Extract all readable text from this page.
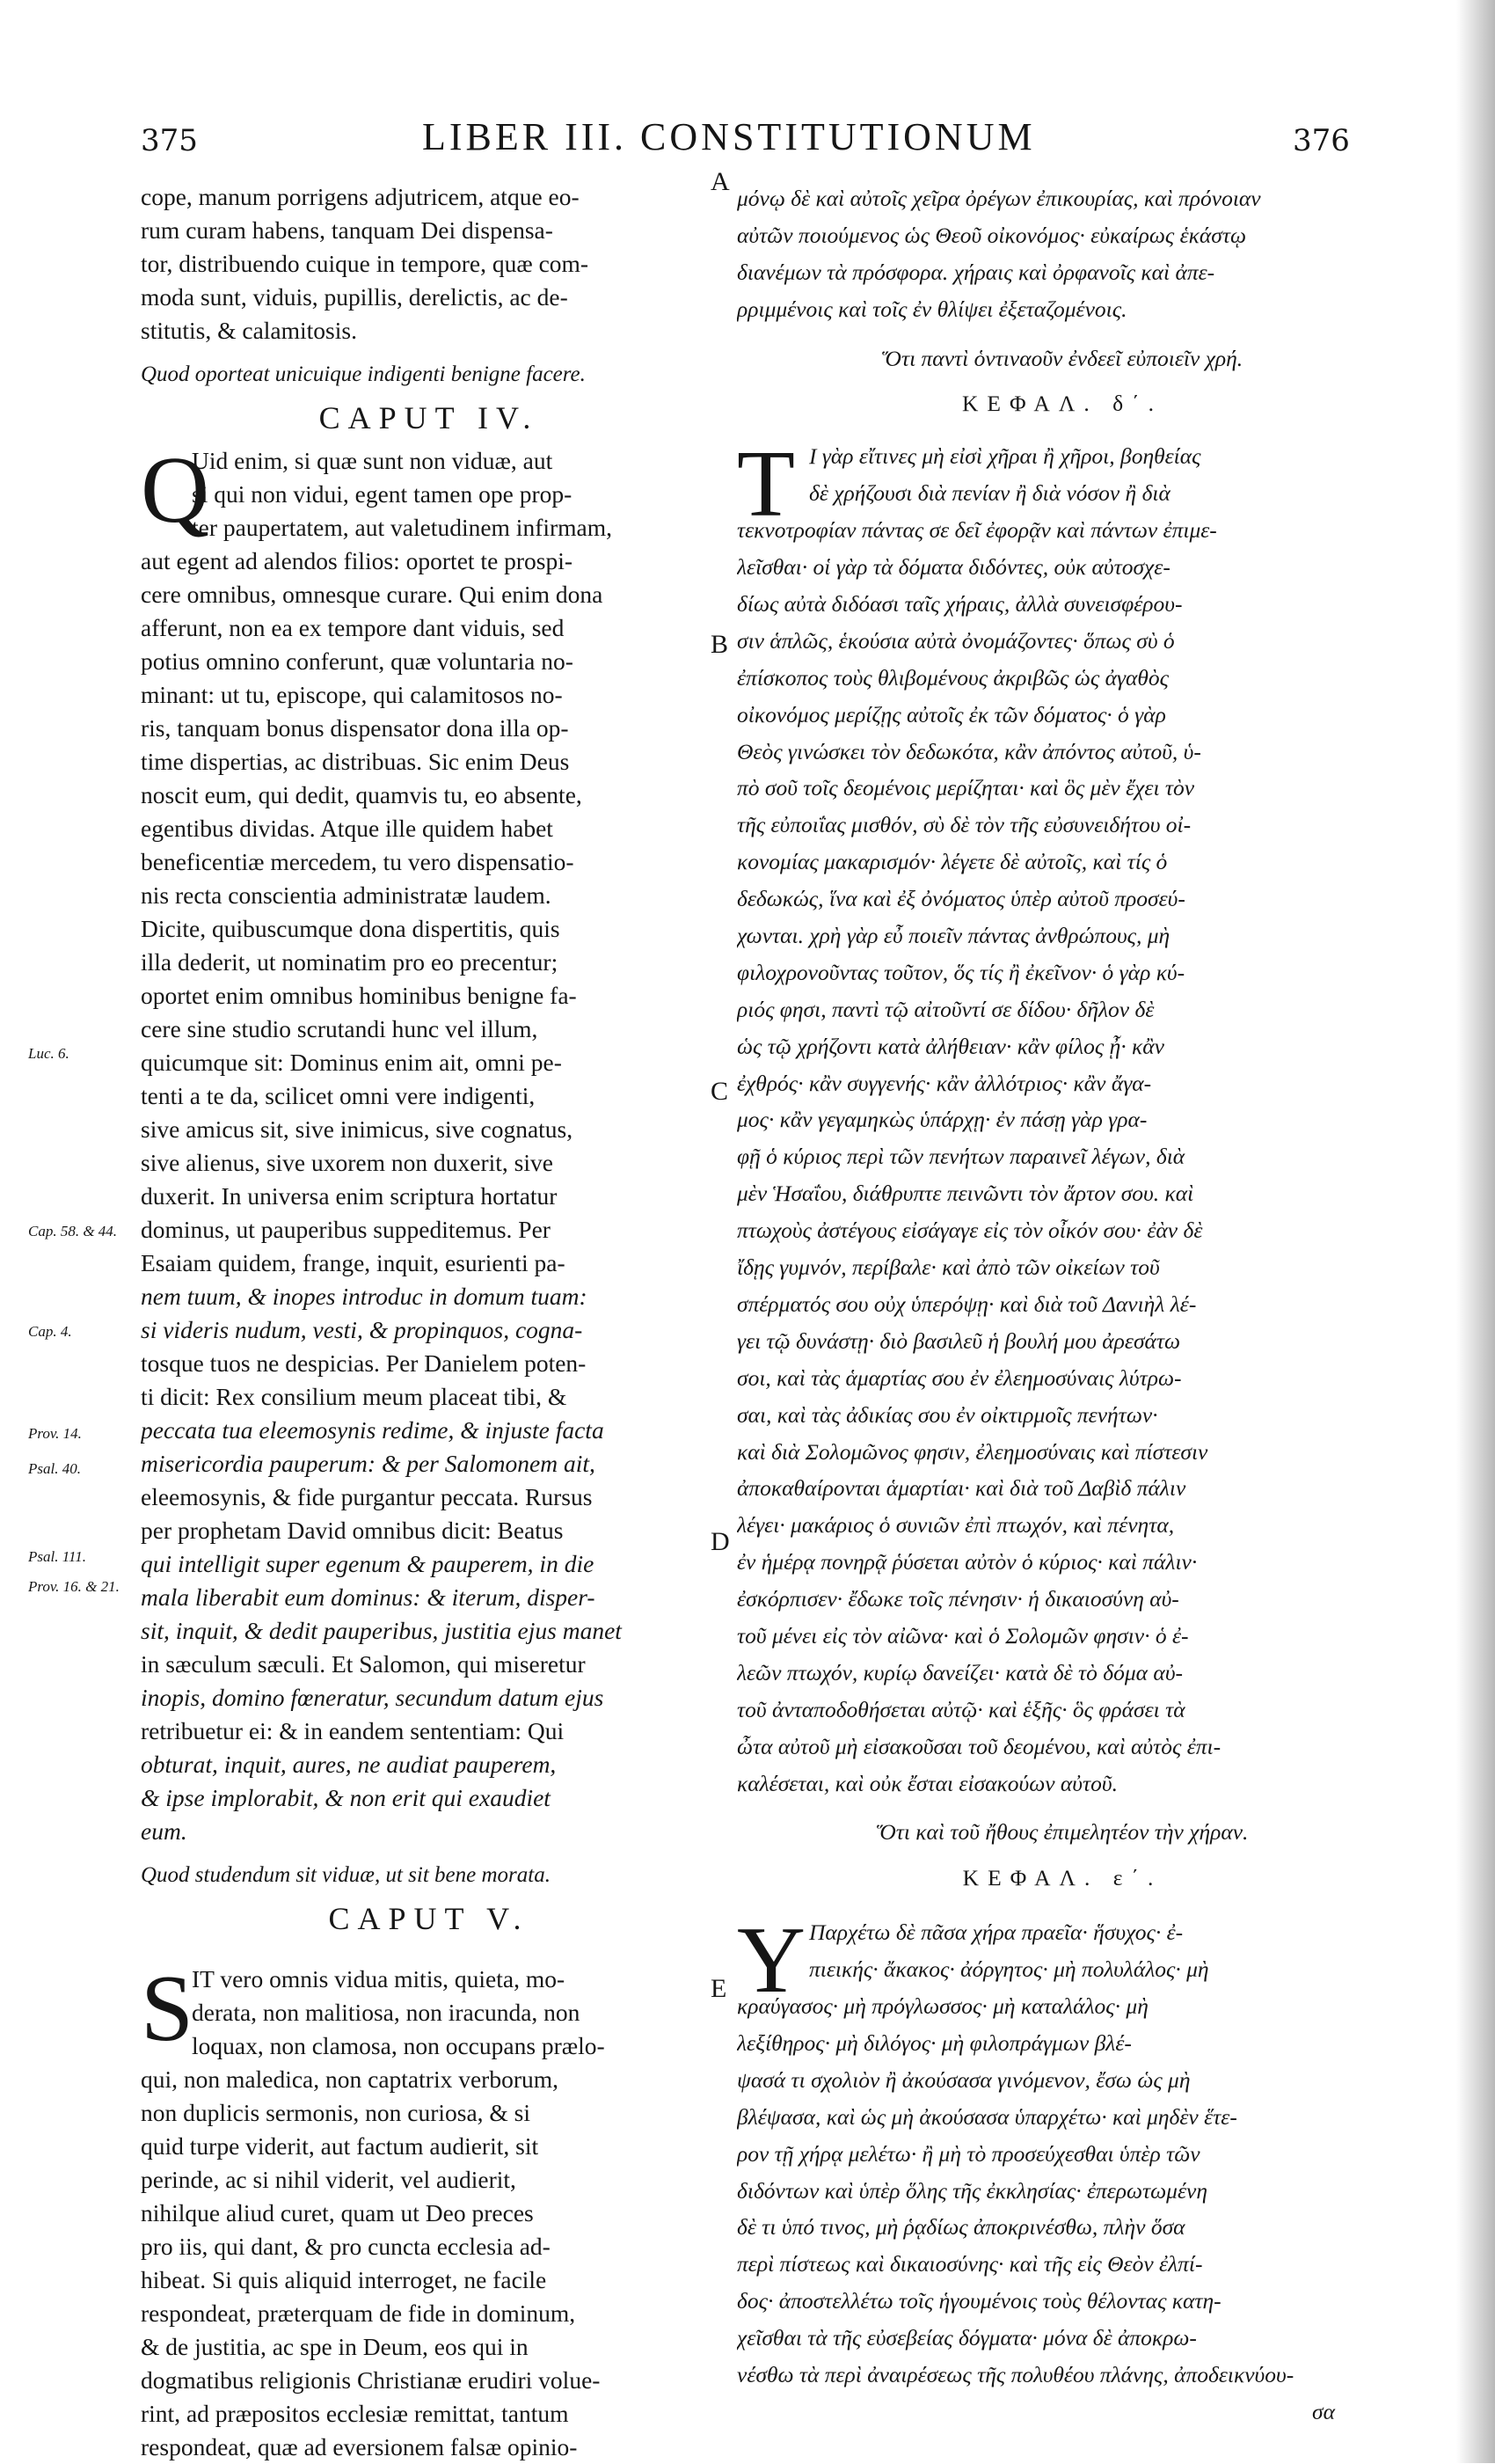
375	LIBER III. CONSTITUTIONUM	376
Luc. 6.
Cap. 58. & 44.
Cap. 4.
Prov. 14.
Psal. 40.
Psal. 111.
Prov. 16. & 21.
A
B
C
D
E
cope, manum porrigens adjutricem, atque eo-
rum curam habens, tanquam Dei dispensa-
tor, distribuendo cuique in tempore, quæ com-
moda sunt, viduis, pupillis, derelictis, ac de-
stitutis, & calamitosis.
Quod oporteat unicuique indigenti benigne facere.
CAPUT IV.
Q
Uid enim, si quæ sunt non viduæ, aut
si qui non vidui, egent tamen ope prop-
ter paupertatem, aut valetudinem infirmam,
aut egent ad alendos filios: oportet te prospi-
cere omnibus, omnesque curare. Qui enim dona
afferunt, non ea ex tempore dant viduis, sed
potius omnino conferunt, quæ voluntaria no-
minant: ut tu, episcope, qui calamitosos no-
ris, tanquam bonus dispensator dona illa op-
time dispertias, ac distribuas. Sic enim Deus
noscit eum, qui dedit, quamvis tu, eo absente,
egentibus dividas. Atque ille quidem habet
beneficentiæ mercedem, tu vero dispensatio-
nis recta conscientia administratæ laudem.
Dicite, quibuscumque dona dispertitis, quis
illa dederit, ut nominatim pro eo precentur;
oportet enim omnibus hominibus benigne fa-
cere sine studio scrutandi hunc vel illum,
quicumque sit: Dominus enim ait, omni pe-
tenti a te da, scilicet omni vere indigenti,
sive amicus sit, sive inimicus, sive cognatus,
sive alienus, sive uxorem non duxerit, sive
duxerit. In universa enim scriptura hortatur
dominus, ut pauperibus suppeditemus. Per
Esaiam quidem, frange, inquit, esurienti pa-
nem tuum, & inopes introduc in domum tuam:
si videris nudum, vesti, & propinquos, cogna-
tosque tuos ne despicias. Per Danielem poten-
ti dicit: Rex consilium meum placeat tibi, &
peccata tua eleemosynis redime, & injuste facta
misericordia pauperum: & per Salomonem ait,
eleemosynis, & fide purgantur peccata. Rursus
per prophetam David omnibus dicit: Beatus
qui intelligit super egenum & pauperem, in die
mala liberabit eum dominus: & iterum, disper-
sit, inquit, & dedit pauperibus, justitia ejus manet
in sæculum sæculi. Et Salomon, qui miseretur
inopis, domino fœneratur, secundum datum ejus
retribuetur ei: & in eandem sententiam: Qui
obturat, inquit, aures, ne audiat pauperem,
& ipse implorabit, & non erit qui exaudiet
eum.
Quod studendum sit viduæ, ut sit bene morata.
CAPUT V.
S
IT vero omnis vidua mitis, quieta, mo-
derata, non malitiosa, non iracunda, non
loquax, non clamosa, non occupans prælo-
qui, non maledica, non captatrix verborum,
non duplicis sermonis, non curiosa, & si
quid turpe viderit, aut factum audierit, sit
perinde, ac si nihil viderit, vel audierit,
nihilque aliud curet, quam ut Deo preces
pro iis, qui dant, & pro cuncta ecclesia ad-
hibeat. Si quis aliquid interroget, ne facile
respondeat, præterquam de fide in dominum,
& de justitia, ac spe in Deum, eos qui in
dogmatibus religionis Christianæ erudiri volue-
rint, ad præpositos ecclesiæ remittat, tantum
respondeat, quæ ad eversionem falsæ opinio-
μόνῳ δὲ καὶ αὐτοῖς χεῖρα ὀρέγων ἐπικουρίας, καὶ πρόνοιαν
αὐτῶν ποιούμενος ὡς Θεοῦ οἰκονόμος· εὐκαίρως ἑκάστῳ
διανέμων τὰ πρόσφορα. χήραις καὶ ὀρφανοῖς καὶ ἀπε-
ρριμμένοις καὶ τοῖς ἐν θλίψει ἐξεταζομένοις.
Ὅτι παντὶ ὁντιναοῦν ἐνδεεῖ εὐποιεῖν χρή.
ΚΕΦΑΛ. δ΄.
Τ Ι γὰρ εἴτινες μὴ εἰσὶ χῆραι ἢ χῆροι, βοηθείας
δὲ χρήζουσι διὰ πενίαν ἢ διὰ νόσον ἢ διὰ
τεκνοτροφίαν πάντας σε δεῖ ἐφορᾷν καὶ πάντων ἐπιμε-
λεῖσθαι· οἱ γὰρ τὰ δόματα διδόντες, οὐκ αὐτοσχε-
δίως αὐτὰ διδόασι ταῖς χήραις, ἀλλὰ συνεισφέρου-
σιν ἁπλῶς, ἑκούσια αὐτὰ ὀνομάζοντες· ὅπως σὺ ὁ
ἐπίσκοπος τοὺς θλιβομένους ἀκριβῶς ὡς ἀγαθὸς
οἰκονόμος μερίζῃς αὐτοῖς ἐκ τῶν δόματος· ὁ γὰρ
Θεὸς γινώσκει τὸν δεδωκότα, κἂν ἀπόντος αὐτοῦ, ὑ-
πὸ σοῦ τοῖς δεομένοις μερίζηται· καὶ ὃς μὲν ἔχει τὸν
τῆς εὐποιΐας μισθόν, σὺ δὲ τὸν τῆς εὐσυνειδήτου οἰ-
κονομίας μακαρισμόν· λέγετε δὲ αὐτοῖς, καὶ τίς ὁ
δεδωκώς, ἵνα καὶ ἐξ ὀνόματος ὑπὲρ αὐτοῦ προσεύ-
χωνται. χρὴ γὰρ εὖ ποιεῖν πάντας ἀνθρώπους, μὴ
φιλοχρονοῦντας τοῦτον, ὅς τίς ἢ ἐκεῖνον· ὁ γὰρ κύ-
ριός φησι, παντὶ τῷ αἰτοῦντί σε δίδου· δῆλον δὲ
ὡς τῷ χρήζοντι κατὰ ἀλήθειαν· κἂν φίλος ᾖ· κἂν
ἐχθρός· κἂν συγγενής· κἂν ἀλλότριος· κἂν ἄγα-
μος· κἂν γεγαμηκὼς ὑπάρχῃ· ἐν πάσῃ γὰρ γρα-
φῇ ὁ κύριος περὶ τῶν πενήτων παραινεῖ λέγων, διὰ
μὲν Ἡσαΐου, διάθρυπτε πεινῶντι τὸν ἄρτον σου. καὶ
πτωχοὺς ἀστέγους εἰσάγαγε εἰς τὸν οἶκόν σου· ἐὰν δὲ
ἴδῃς γυμνόν, περίβαλε· καὶ ἀπὸ τῶν οἰκείων τοῦ
σπέρματός σου οὐχ ὑπερόψῃ· καὶ διὰ τοῦ Δανιὴλ λέ-
γει τῷ δυνάστῃ· διὸ βασιλεῦ ἡ βουλή μου ἀρεσάτω
σοι, καὶ τὰς ἁμαρτίας σου ἐν ἐλεημοσύναις λύτρω-
σαι, καὶ τὰς ἀδικίας σου ἐν οἰκτιρμοῖς πενήτων·
καὶ διὰ Σολομῶνος φησιν, ἐλεημοσύναις καὶ πίστεσιν
ἀποκαθαίρονται ἁμαρτίαι· καὶ διὰ τοῦ Δαβὶδ πάλιν
λέγει· μακάριος ὁ συνιῶν ἐπὶ πτωχόν, καὶ πένητα,
ἐν ἡμέρᾳ πονηρᾷ ῥύσεται αὐτὸν ὁ κύριος· καὶ πάλιν·
ἐσκόρπισεν· ἔδωκε τοῖς πένησιν· ἡ δικαιοσύνη αὐ-
τοῦ μένει εἰς τὸν αἰῶνα· καὶ ὁ Σολομῶν φησιν· ὁ ἐ-
λεῶν πτωχόν, κυρίῳ δανείζει· κατὰ δὲ τὸ δόμα αὐ-
τοῦ ἀνταποδοθήσεται αὐτῷ· καὶ ἑξῆς· ὃς φράσει τὰ
ὦτα αὐτοῦ μὴ εἰσακοῦσαι τοῦ δεομένου, καὶ αὐτὸς ἐπι-
καλέσεται, καὶ οὐκ ἔσται εἰσακούων αὐτοῦ.
Ὅτι καὶ τοῦ ἤθους ἐπιμελητέον τὴν χήραν.
ΚΕΦΑΛ. ε΄.
Υ Παρχέτω δὲ πᾶσα χήρα πραεῖα· ἥσυχος· ἐ-
πιεικής· ἄκακος· ἀόργητος· μὴ πολυλάλος· μὴ
κραύγασος· μὴ πρόγλωσσος· μὴ καταλάλος· μὴ
λεξίθηρος· μὴ διλόγος· μὴ φιλοπράγμων βλέ-
ψασά τι σχολιὸν ἢ ἀκούσασα γινόμενον, ἔσω ὡς μὴ
βλέψασα, καὶ ὡς μὴ ἀκούσασα ὑπαρχέτω· καὶ μηδὲν ἕτε-
ρον τῇ χήρᾳ μελέτω· ἢ μὴ τὸ προσεύχεσθαι ὑπὲρ τῶν
διδόντων καὶ ὑπὲρ ὅλης τῆς ἐκκλησίας· ἐπερωτωμένη
δὲ τι ὑπό τινος, μὴ ῥᾳδίως ἀποκρινέσθω, πλὴν ὅσα
περὶ πίστεως καὶ δικαιοσύνης· καὶ τῆς εἰς Θεὸν ἐλπί-
δος· ἀποστελλέτω τοῖς ἡγουμένοις τοὺς θέλοντας κατη-
χεῖσθαι τὰ τῆς εὐσεβείας δόγματα· μόνα δὲ ἀποκρω-
νέσθω τὰ περὶ ἀναιρέσεως τῆς πολυθέου πλάνης, ἀποδεικνύου-
σα
